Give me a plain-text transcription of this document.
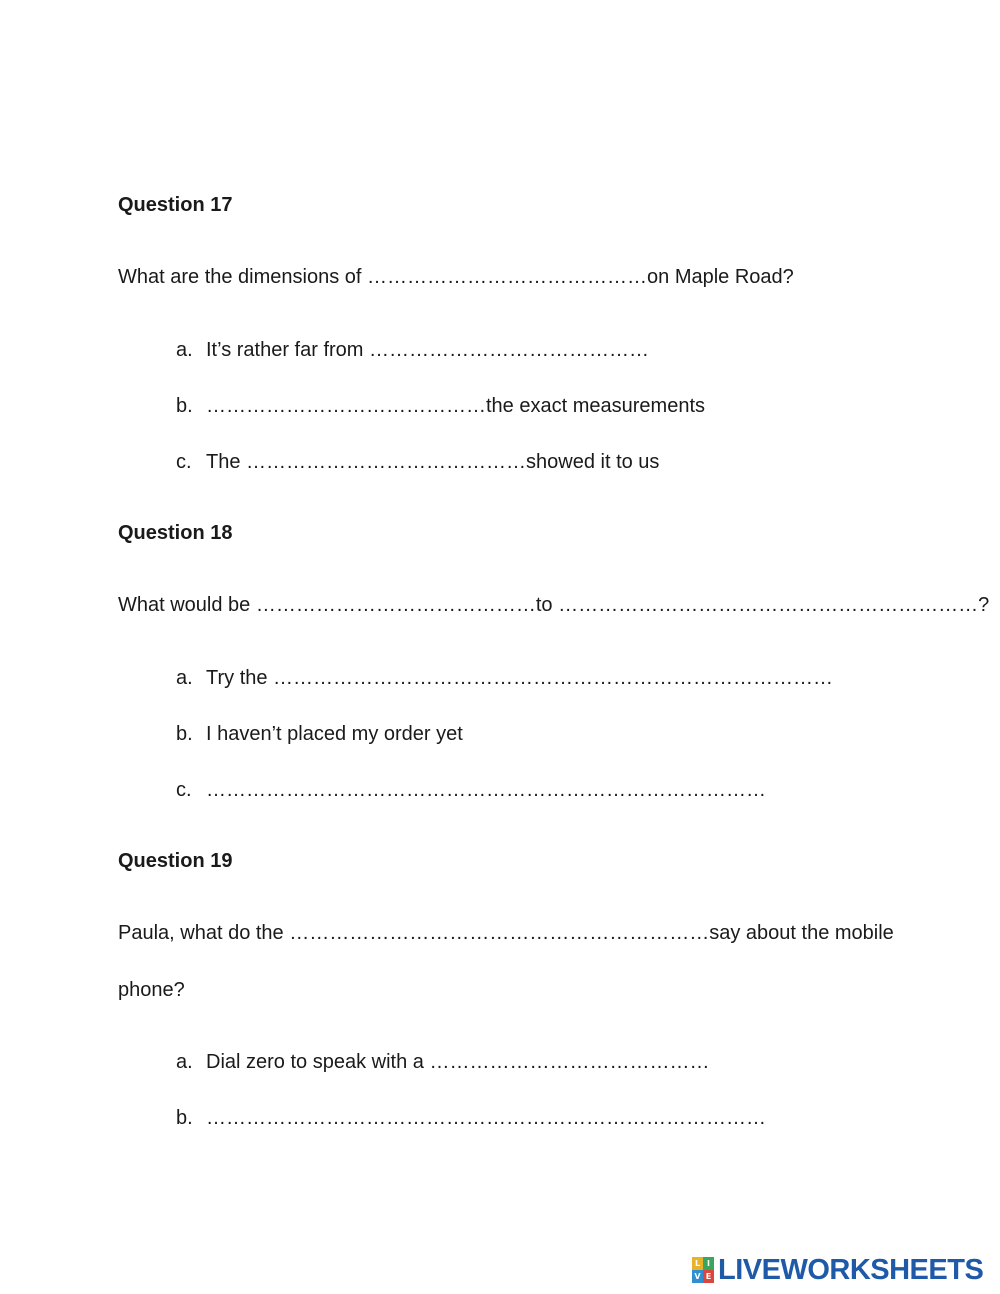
Question 17
What are the dimensions of ……………………………………on Maple Road?
a. It’s rather far from ……………………………………
b. ……………………………………the exact measurements
c. The ……………………………………showed it to us
Question 18
What would be ……………………………………to ………………………………………………………?
a. Try the …………………………………………………………………………
b. I haven’t placed my order yet
c. …………………………………………………………………………
Question 19
Paula, what do the ………………………………………………………say about the mobile
phone?
a. Dial zero to speak with a ……………………………………
b. …………………………………………………………………………
L I
V E LIVEWORKSHEETS
